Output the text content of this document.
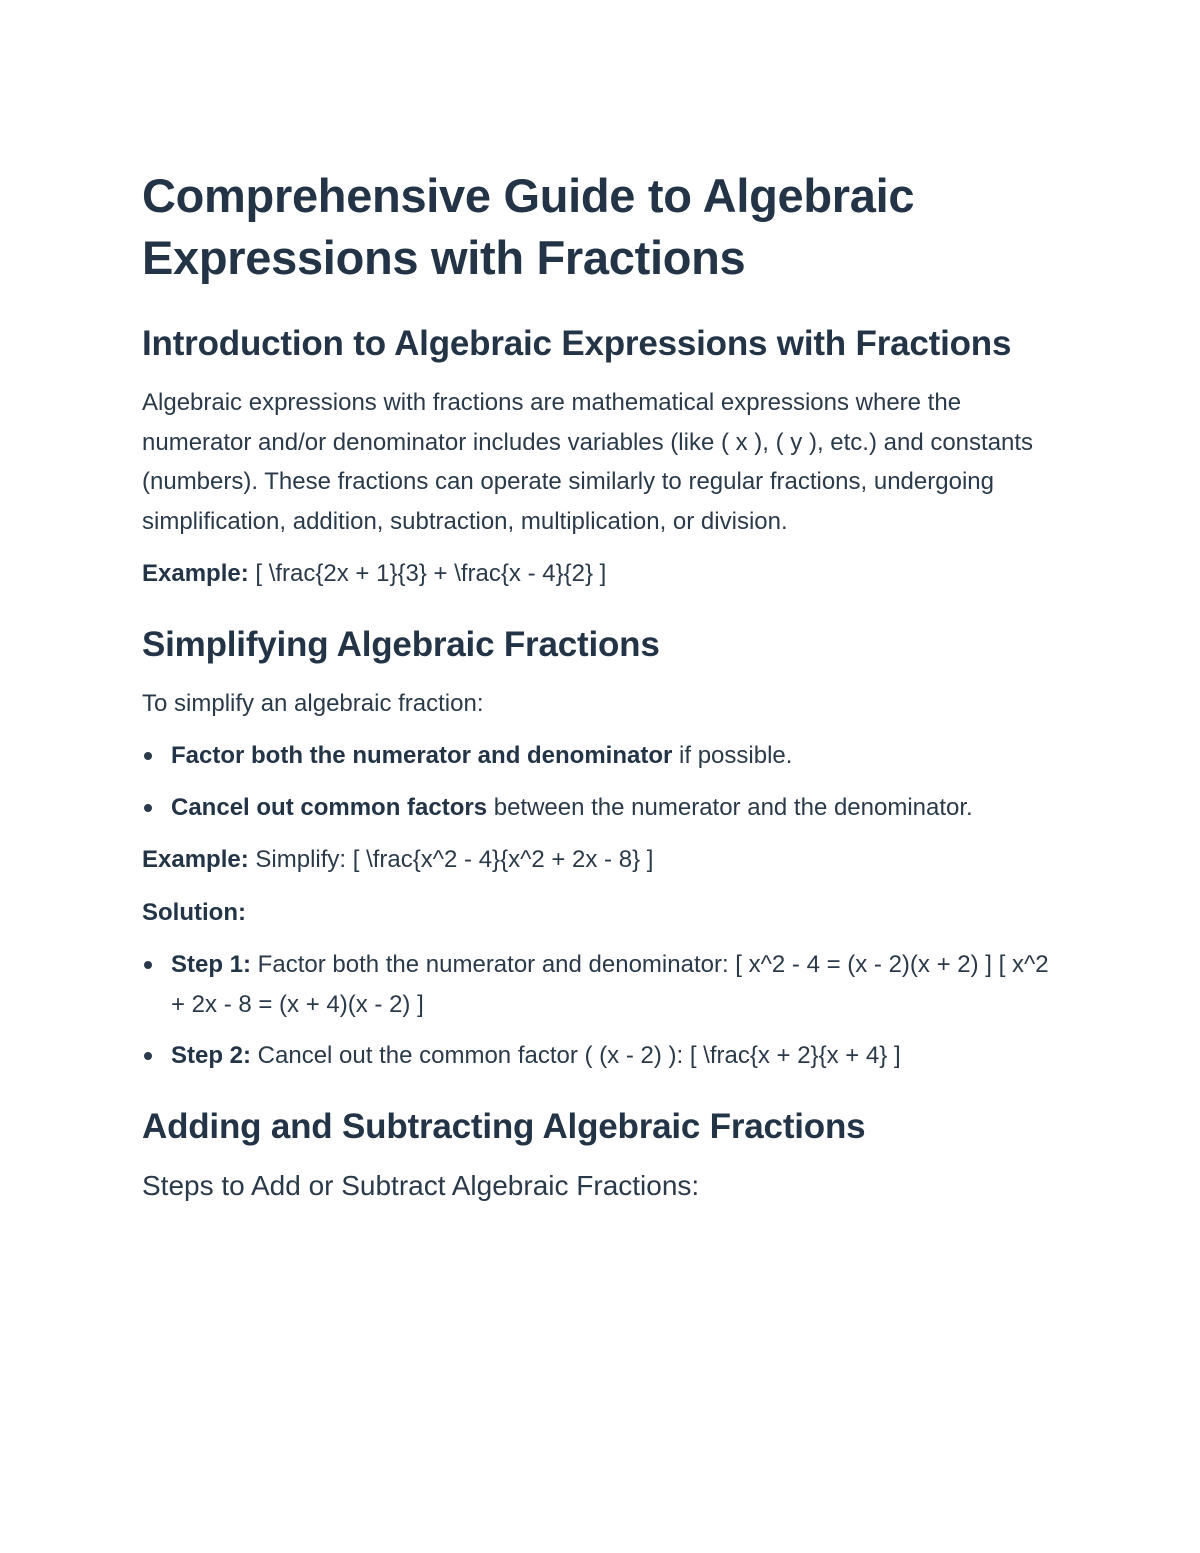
Comprehensive Guide to Algebraic Expressions with Fractions
Introduction to Algebraic Expressions with Fractions

Algebraic expressions with fractions are mathematical expressions where the numerator and/or denominator includes variables (like ( x ), ( y ), etc.) and constants (numbers). These fractions can operate similarly to regular fractions, undergoing simplification, addition, subtraction, multiplication, or division.

Example: [ \frac{2x + 1}{3} + \frac{x - 4}{2} ]

Simplifying Algebraic Fractions

To simplify an algebraic fraction:

Factor both the numerator and denominator if possible.
Cancel out common factors between the numerator and the denominator.

Example: Simplify: [ \frac{x^2 - 4}{x^2 + 2x - 8} ]

Solution:

Step 1: Factor both the numerator and denominator: [ x^2 - 4 = (x - 2)(x + 2) ] [ x^2 + 2x - 8 = (x + 4)(x - 2) ]
Step 2: Cancel out the common factor ( (x - 2) ): [ \frac{x + 2}{x + 4} ]
Adding and Subtracting Algebraic Fractions
Steps to Add or Subtract Algebraic Fractions:
